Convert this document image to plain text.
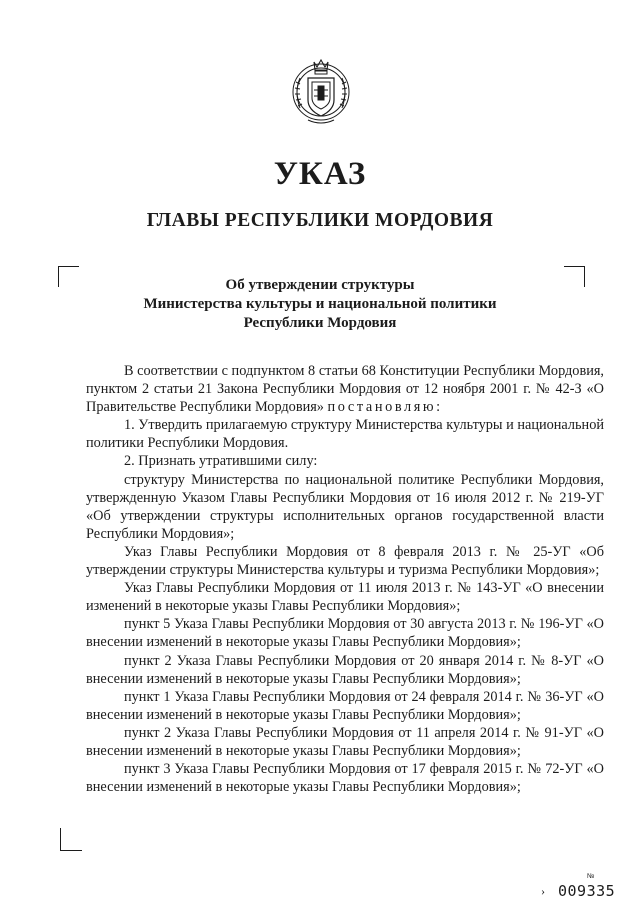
УКАЗ
ГЛАВЫ РЕСПУБЛИКИ МОРДОВИЯ
Об утверждении структуры
Министерства культуры и национальной политики
Республики Мордовия

В соответствии с подпунктом 8 статьи 68 Конституции Республики Мордовия, пунктом 2 статьи 21 Закона Республики Мордовия от 12 ноября 2001 г. № 42-З «О Правительстве Республики Мордовия» постановляю:

1. Утвердить прилагаемую структуру Министерства культуры и национальной политики Республики Мордовия.

2. Признать утратившими силу:

структуру Министерства по национальной политике Республики Мордовия, утвержденную Указом Главы Республики Мордовия от 16 июля 2012 г. № 219-УГ «Об утверждении структуры исполнительных органов государственной власти Республики Мордовия»;

Указ Главы Республики Мордовия от 8 февраля 2013 г. № 25-УГ «Об утверждении структуры Министерства культуры и туризма Республики Мордовия»;

Указ Главы Республики Мордовия от 11 июля 2013 г. № 143-УГ «О внесении изменений в некоторые указы Главы Республики Мордовия»;

пункт 5 Указа Главы Республики Мордовия от 30 августа 2013 г. № 196-УГ «О внесении изменений в некоторые указы Главы Республики Мордовия»;

пункт 2 Указа Главы Республики Мордовия от 20 января 2014 г. № 8-УГ «О внесении изменений в некоторые указы Главы Республики Мордовия»;

пункт 1 Указа Главы Республики Мордовия от 24 февраля 2014 г. № 36-УГ «О внесении изменений в некоторые указы Главы Республики Мордовия»;

пункт 2 Указа Главы Республики Мордовия от 11 апреля 2014 г. № 91-УГ «О внесении изменений в некоторые указы Главы Республики Мордовия»;

пункт 3 Указа Главы Республики Мордовия от 17 февраля 2015 г. № 72-УГ «О внесении изменений в некоторые указы Главы Республики Мордовия»;

›
№
009335
